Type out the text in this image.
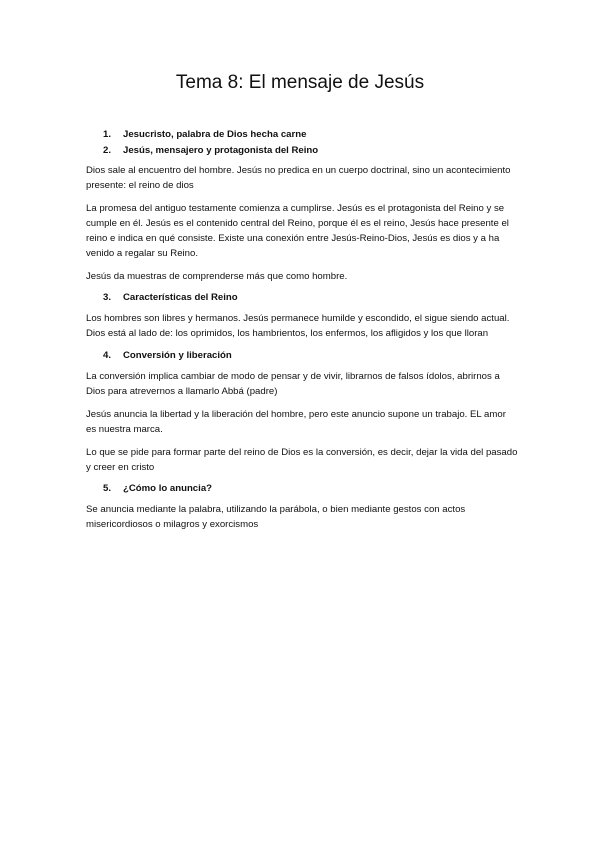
Tema 8: El mensaje de Jesús
1.	Jesucristo, palabra de Dios hecha carne
2.	Jesús, mensajero y protagonista del Reino

Dios sale al encuentro del hombre. Jesús no predica en un cuerpo doctrinal, sino un acontecimiento presente: el reino de dios

La promesa del antiguo testamente comienza a cumplirse. Jesús es el protagonista del Reino y se cumple en él. Jesús es el contenido central del Reino, porque él es el reino, Jesús hace presente el reino e indica en qué consiste. Existe una conexión entre Jesús-Reino-Dios, Jesús es dios y a ha venido a regalar su Reino.

Jesús da muestras de comprenderse más que como hombre.

3.	Características del Reino

Los hombres son libres y hermanos. Jesús permanece humilde y escondido, el sigue siendo actual. Dios está al lado de: los oprimidos, los hambrientos, los enfermos, los afligidos y los que lloran

4.	Conversión y liberación

La conversión implica cambiar de modo de pensar y de vivir, librarnos de falsos ídolos, abrirnos a Dios para atrevernos a llamarlo Abbá (padre)

Jesús anuncia la libertad y la liberación del hombre, pero este anuncio supone un trabajo. EL amor es nuestra marca.

Lo que se pide para formar parte del reino de Dios es la conversión, es decir, dejar la vida del pasado y creer en cristo

5.	¿Cómo lo anuncia?

Se anuncia mediante la palabra, utilizando la parábola, o bien mediante gestos con actos misericordiosos o milagros y exorcismos
